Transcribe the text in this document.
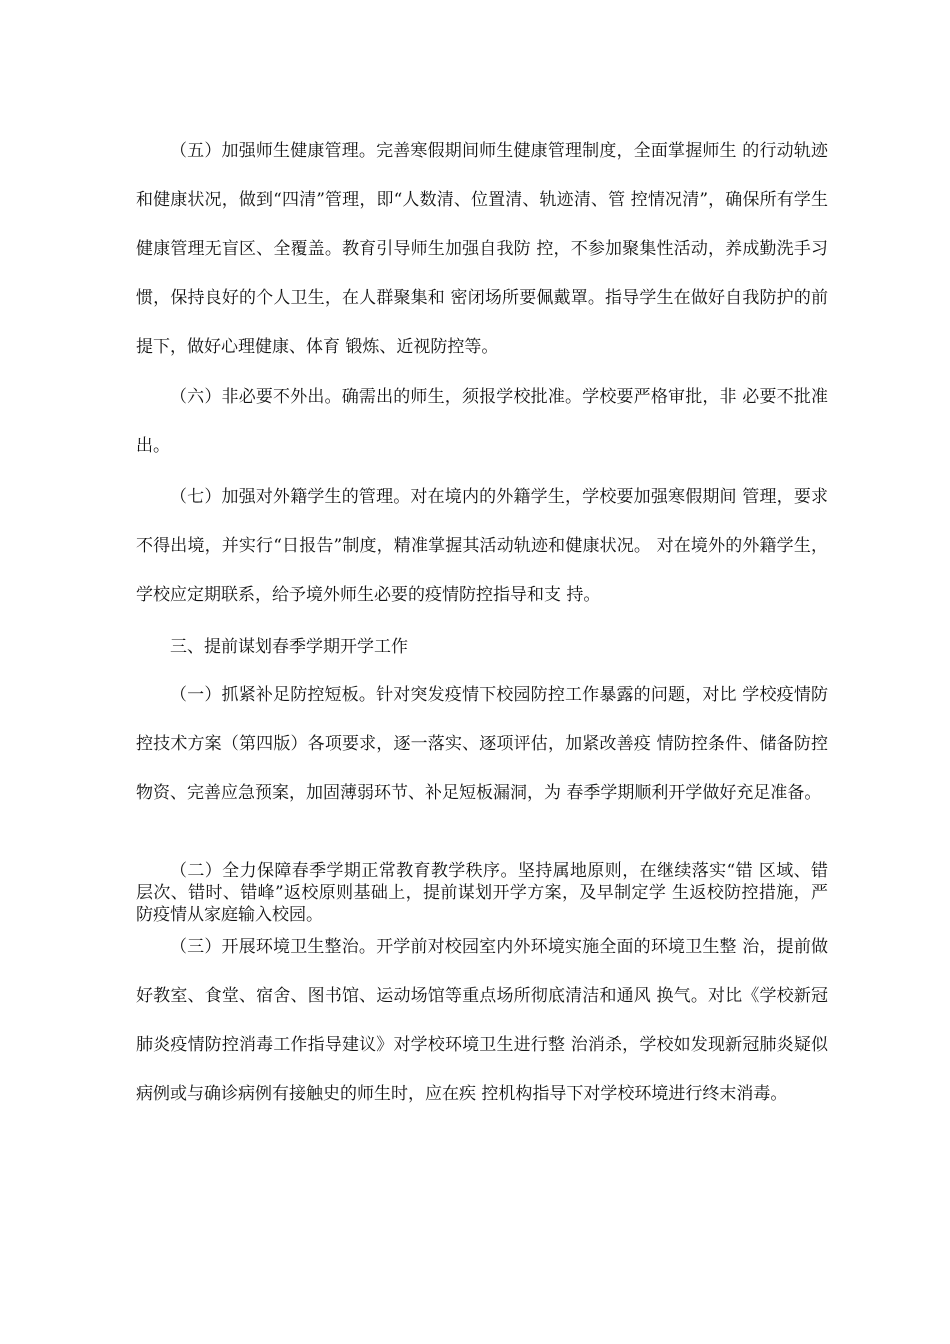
（五）加强师生健康管理。完善寒假期间师生健康管理制度，全面掌握师生 的行动轨迹和健康状况，做到“四清”管理，即“人数清、位置清、轨迹清、管 控情况清”，确保所有学生健康管理无盲区、全覆盖。教育引导师生加强自我防 控，不参加聚集性活动，养成勤洗手习惯，保持良好的个人卫生，在人群聚集和 密闭场所要佩戴罩。指导学生在做好自我防护的前提下，做好心理健康、体育 锻炼、近视防控等。

（六）非必要不外出。确需出的师生，须报学校批准。学校要严格审批，非 必要不批准出。

（七）加强对外籍学生的管理。对在境内的外籍学生，学校要加强寒假期间 管理，要求不得出境，并实行“日报告”制度，精准掌握其活动轨迹和健康状况。 对在境外的外籍学生，学校应定期联系，给予境外师生必要的疫情防控指导和支 持。

三、提前谋划春季学期开学工作

（一）抓紧补足防控短板。针对突发疫情下校园防控工作暴露的问题，对比 学校疫情防控技术方案（第四版）各项要求，逐一落实、逐项评估，加紧改善疫 情防控条件、储备防控物资、完善应急预案，加固薄弱环节、补足短板漏洞，为 春季学期顺利开学做好充足准备。

（二）全力保障春季学期正常教育教学秩序。坚持属地原则，在继续落实“错 区域、错层次、错时、错峰”返校原则基础上，提前谋划开学方案，及早制定学 生返校防控措施，严防疫情从家庭输入校园。

（三）开展环境卫生整治。开学前对校园室内外环境实施全面的环境卫生整 治，提前做好教室、食堂、宿舍、图书馆、运动场馆等重点场所彻底清洁和通风 换气。对比《学校新冠肺炎疫情防控消毒工作指导建议》对学校环境卫生进行整 治消杀，学校如发现新冠肺炎疑似病例或与确诊病例有接触史的师生时，应在疾 控机构指导下对学校环境进行终末消毒。
